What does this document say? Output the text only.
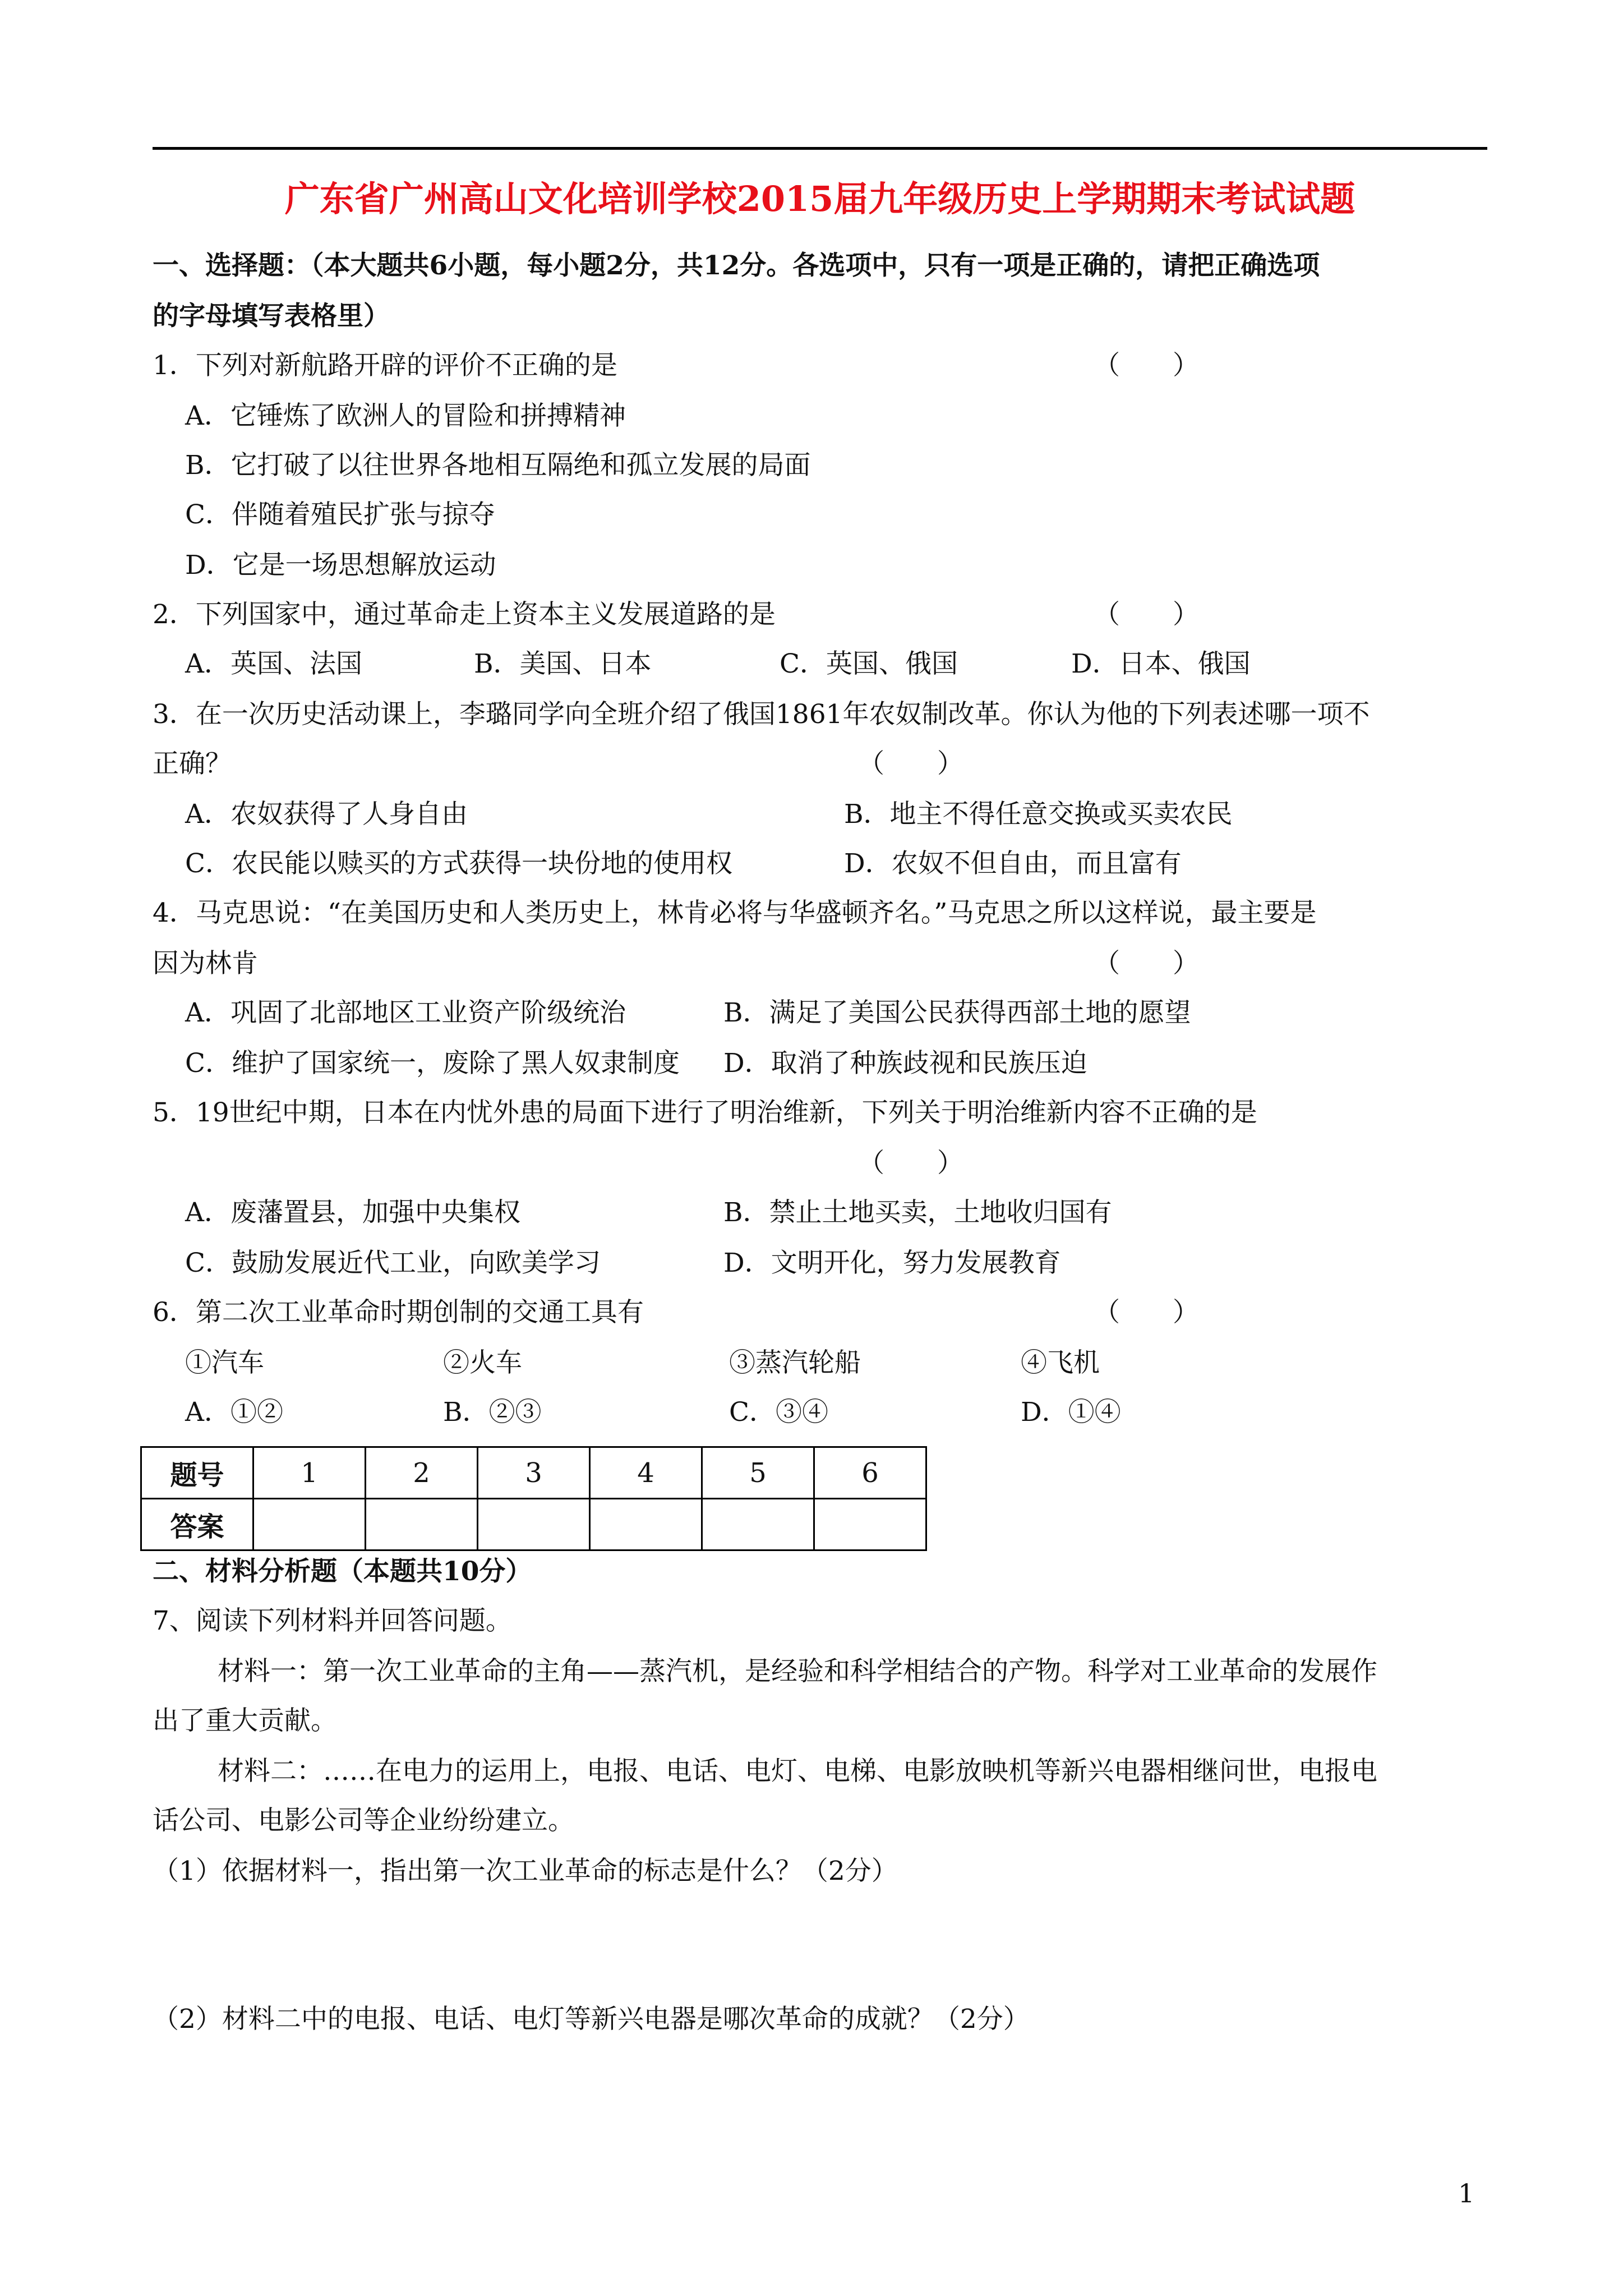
广东省广州高山文化培训学校2015届九年级历史上学期期末考试试题
一、选择题：（本大题共6小题，每小题2分，共12分。各选项中，只有一项是正确的，请把正确选项
的字母填写表格里）
1．下列对新航路开辟的评价不正确的是	（　　）
A．它锤炼了欧洲人的冒险和拼搏精神
B．它打破了以往世界各地相互隔绝和孤立发展的局面
C．伴随着殖民扩张与掠夺
D．它是一场思想解放运动
2．下列国家中，通过革命走上资本主义发展道路的是	（　　）
A．英国、法国	B．美国、日本	C．英国、俄国	D．日本、俄国
3．在一次历史活动课上，李璐同学向全班介绍了俄国1861年农奴制改革。你认为他的下列表述哪一项不
正确？	（　　）
A．农奴获得了人身自由	B．地主不得任意交换或买卖农民
C．农民能以赎买的方式获得一块份地的使用权	D．农奴不但自由，而且富有
4．马克思说：“在美国历史和人类历史上，林肯必将与华盛顿齐名。”马克思之所以这样说，最主要是
因为林肯	（　　）
A．巩固了北部地区工业资产阶级统治	B．满足了美国公民获得西部土地的愿望
C．维护了国家统一，废除了黑人奴隶制度 D．取消了种族歧视和民族压迫
5．19世纪中期，日本在内忧外患的局面下进行了明治维新，下列关于明治维新内容不正确的是
（　　）
A．废藩置县，加强中央集权	B．禁止土地买卖，土地收归国有
C．鼓励发展近代工业，向欧美学习	D．文明开化，努力发展教育
6．第二次工业革命时期创制的交通工具有	（　　）
①汽车	②火车	③蒸汽轮船	④飞机
A．①②	B．②③	C．③④	D．①④
题号	1	2	3	4	5	6
答案						
二、材料分析题（本题共10分）
7、阅读下列材料并回答问题。
材料一：第一次工业革命的主角——蒸汽机，是经验和科学相结合的产物。科学对工业革命的发展作
出了重大贡献。
材料二：……在电力的运用上，电报、电话、电灯、电梯、电影放映机等新兴电器相继问世，电报电
话公司、电影公司等企业纷纷建立。
（1）依据材料一，指出第一次工业革命的标志是什么？（2分）
（2）材料二中的电报、电话、电灯等新兴电器是哪次革命的成就？（2分）
1
